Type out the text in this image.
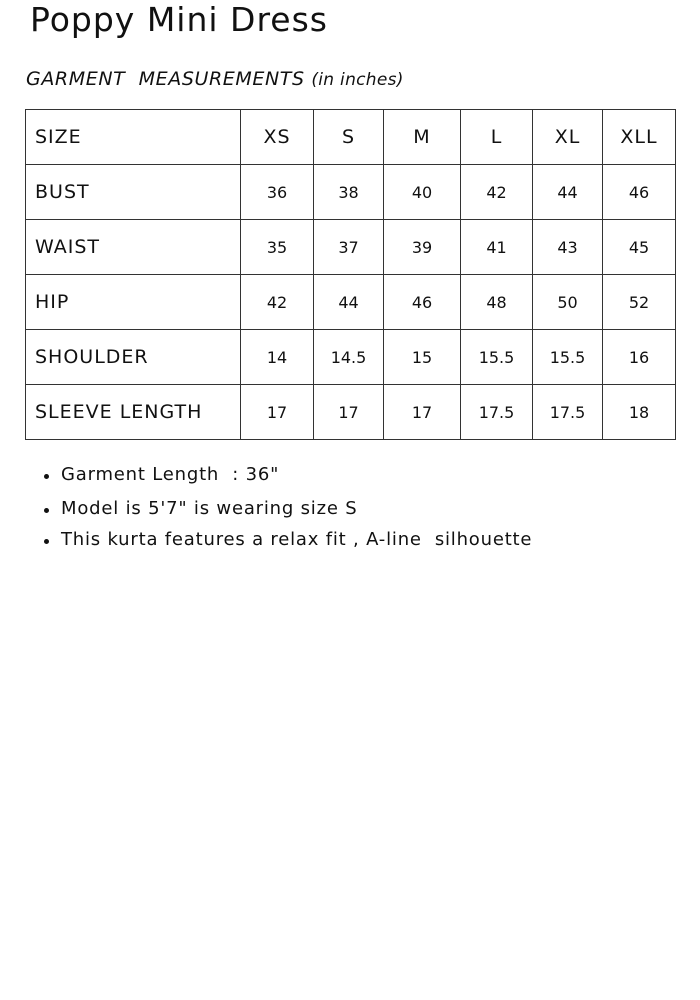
Poppy Mini Dress
GARMENT  MEASUREMENTS (in inches)
SIZE	XS	S	M	L	XL	XLL
BUST	36	38	40	42	44	46
WAIST	35	37	39	41	43	45
HIP	42	44	46	48	50	52
SHOULDER	14	14.5	15	15.5	15.5	16
SLEEVE LENGTH	17	17	17	17.5	17.5	18
Garment Length  : 36"
Model is 5'7" is wearing size S
This kurta features a relax fit , A-line  silhouette
